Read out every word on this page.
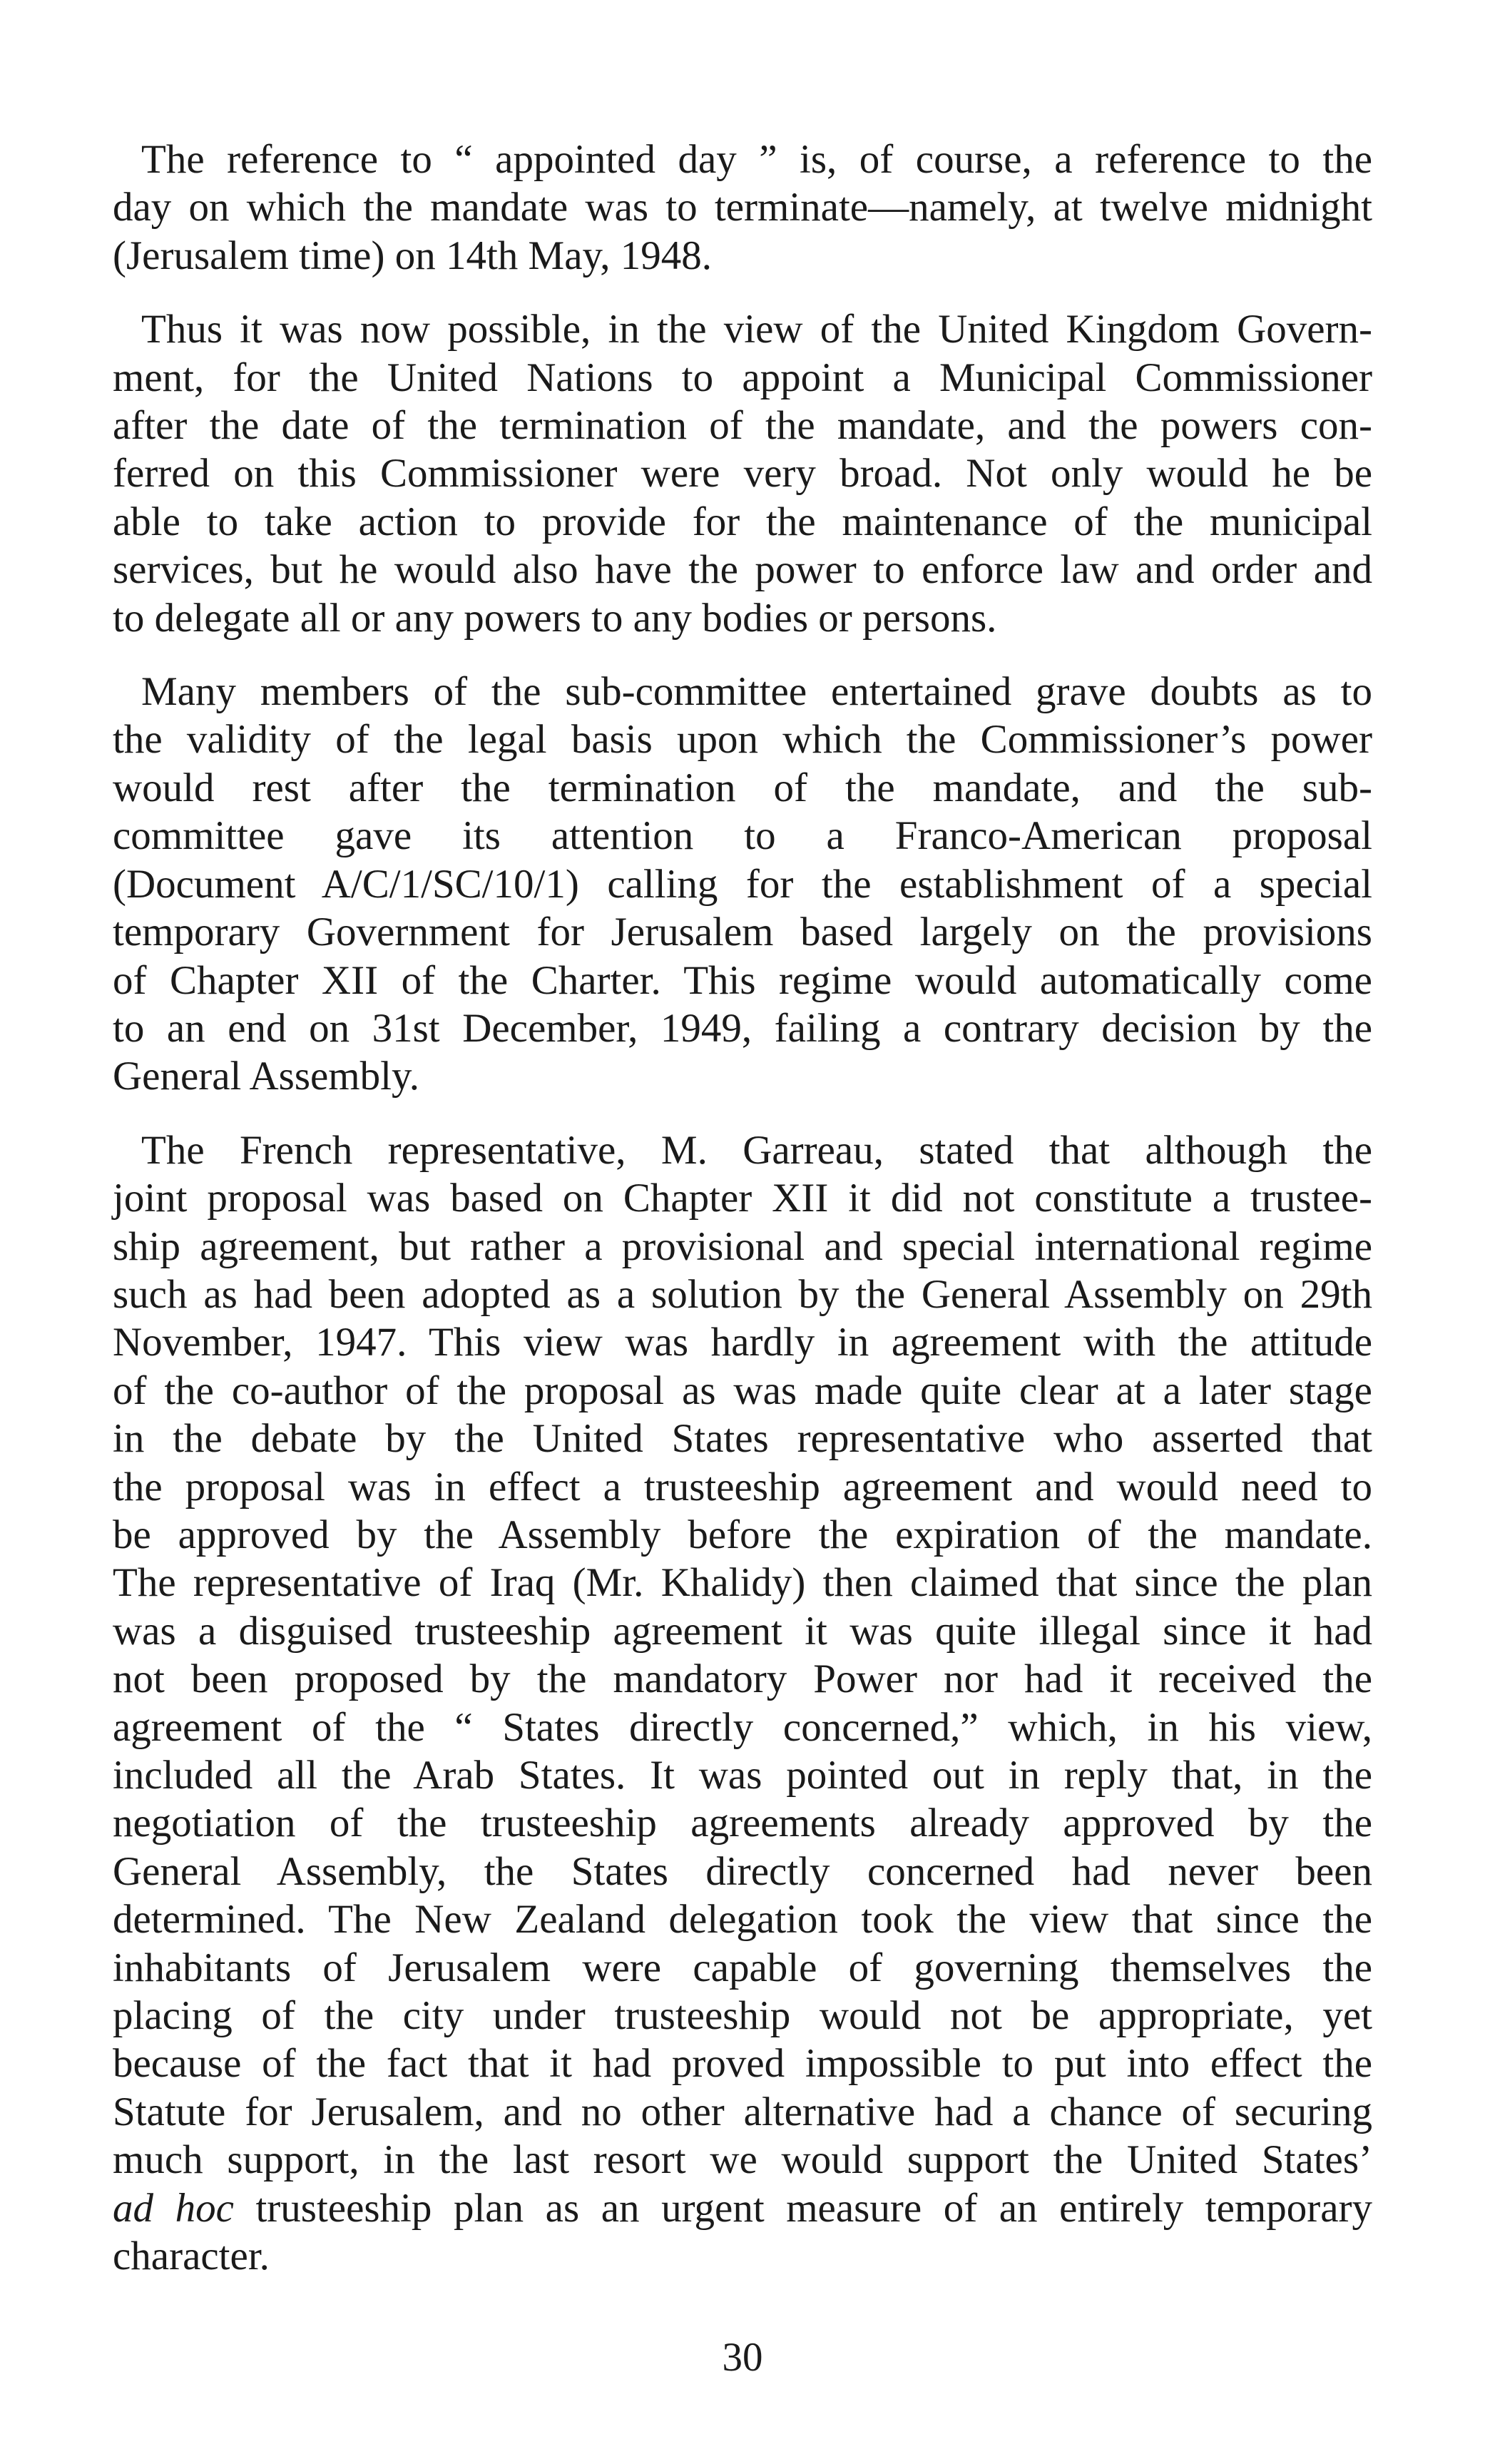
The reference to “ appointed day ” is, of course, a reference to the
day on which the mandate was to terminate—namely, at twelve midnight
(Jerusalem time) on 14th May, 1948.
Thus it was now possible, in the view of the United Kingdom Govern-
ment, for the United Nations to appoint a Municipal Commissioner
after the date of the termination of the mandate, and the powers con-
ferred on this Commissioner were very broad. Not only would he be
able to take action to provide for the maintenance of the municipal
services, but he would also have the power to enforce law and order and
to delegate all or any powers to any bodies or persons.
Many members of the sub-committee entertained grave doubts as to
the validity of the legal basis upon which the Commissioner’s power
would rest after the termination of the mandate, and the sub-
committee gave its attention to a Franco-American proposal
(Document A/C/1/SC/10/1) calling for the establishment of a special
temporary Government for Jerusalem based largely on the provisions
of Chapter XII of the Charter. This regime would automatically come
to an end on 31st December, 1949, failing a contrary decision by the
General Assembly.
The French representative, M. Garreau, stated that although the
joint proposal was based on Chapter XII it did not constitute a trustee-
ship agreement, but rather a provisional and special international regime
such as had been adopted as a solution by the General Assembly on 29th
November, 1947. This view was hardly in agreement with the attitude
of the co-author of the proposal as was made quite clear at a later stage
in the debate by the United States representative who asserted that
the proposal was in effect a trusteeship agreement and would need to
be approved by the Assembly before the expiration of the mandate.
The representative of Iraq (Mr. Khalidy) then claimed that since the plan
was a disguised trusteeship agreement it was quite illegal since it had
not been proposed by the mandatory Power nor had it received the
agreement of the “ States directly concerned,” which, in his view,
included all the Arab States. It was pointed out in reply that, in the
negotiation of the trusteeship agreements already approved by the
General Assembly, the States directly concerned had never been
determined. The New Zealand delegation took the view that since the
inhabitants of Jerusalem were capable of governing themselves the
placing of the city under trusteeship would not be appropriate, yet
because of the fact that it had proved impossible to put into effect the
Statute for Jerusalem, and no other alternative had a chance of securing
much support, in the last resort we would support the United States’
ad hoc trusteeship plan as an urgent measure of an entirely temporary
character.
30
